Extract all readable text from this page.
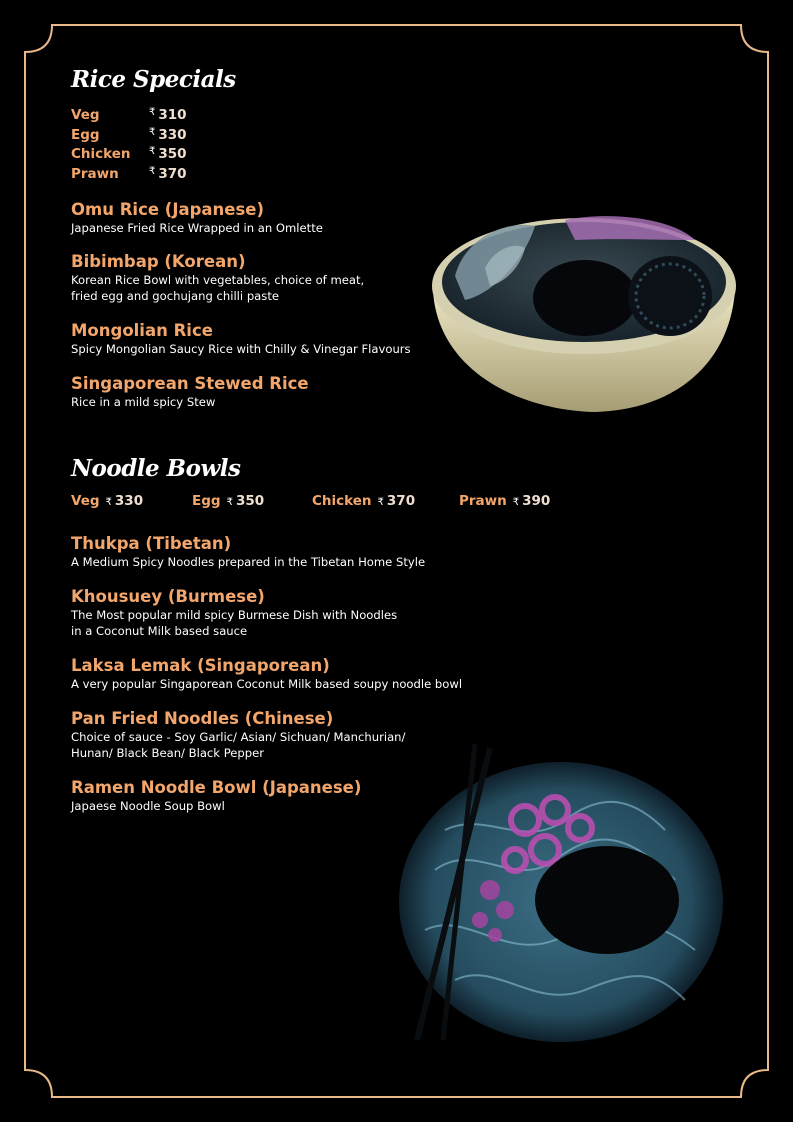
Rice Specials
Veg	₹ 310
Egg	₹ 330
Chicken	₹ 350
Prawn	₹ 370
Omu Rice (Japanese)
Japanese Fried Rice Wrapped in an Omlette
Bibimbap (Korean)
Korean Rice Bowl with vegetables, choice of meat,
fried egg and gochujang chilli paste
Mongolian Rice
Spicy Mongolian Saucy Rice with Chilly & Vinegar Flavours
Singaporean Stewed Rice
Rice in a mild spicy Stew
Noodle Bowls
Veg ₹ 330	Egg ₹ 350	Chicken ₹ 370	Prawn ₹ 390
Thukpa (Tibetan)
A Medium Spicy Noodles prepared in the Tibetan Home Style
Khousuey (Burmese)
The Most popular mild spicy Burmese Dish with Noodles
in a Coconut Milk based sauce
Laksa Lemak (Singaporean)
A very popular Singaporean Coconut Milk based soupy noodle bowl
Pan Fried Noodles (Chinese)
Choice of sauce - Soy Garlic/ Asian/ Sichuan/ Manchurian/
Hunan/ Black Bean/ Black Pepper
Ramen Noodle Bowl (Japanese)
Japaese Noodle Soup Bowl
